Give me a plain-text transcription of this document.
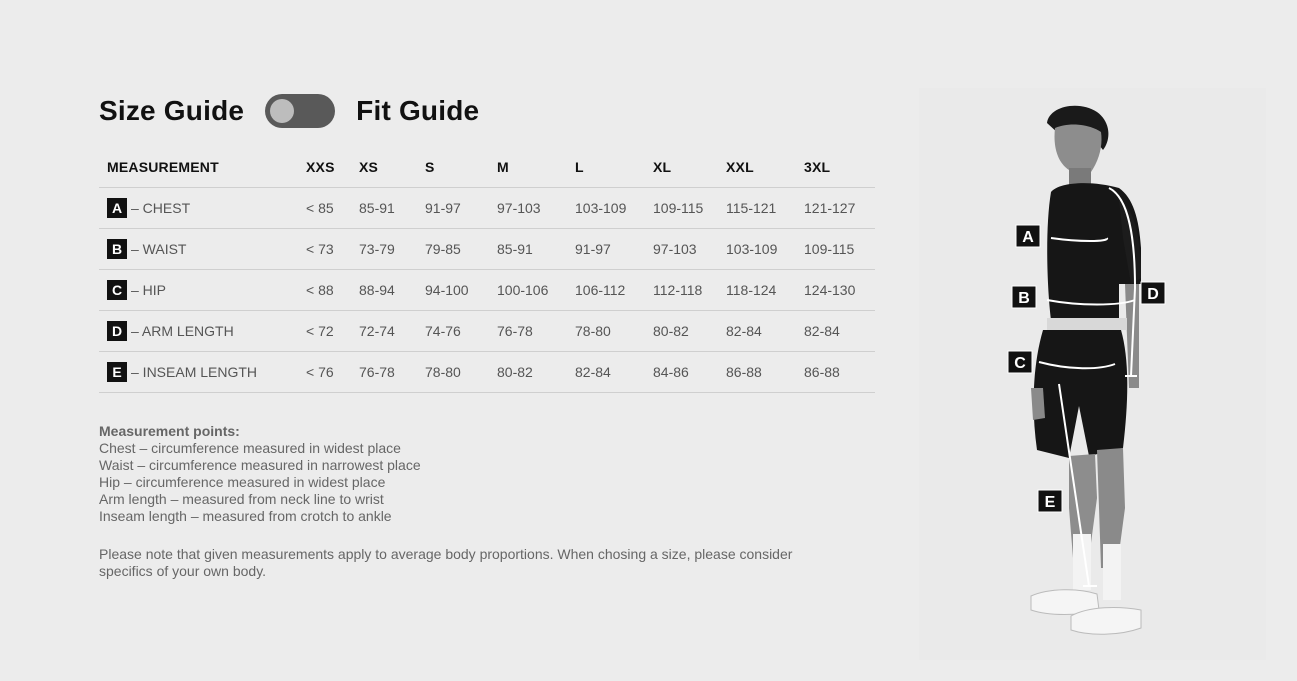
Size Guide	Fit Guide
MEASUREMENT	XXS	XS	S	M	L	XL	XXL	3XL
A – CHEST	< 85	85-91	91-97	97-103	103-109	109-115	115-121	121-127
B – WAIST	< 73	73-79	79-85	85-91	91-97	97-103	103-109	109-115
C – HIP	< 88	88-94	94-100	100-106	106-112	112-118	118-124	124-130
D – ARM LENGTH	< 72	72-74	74-76	76-78	78-80	80-82	82-84	82-84
E – INSEAM LENGTH	< 76	76-78	78-80	80-82	82-84	84-86	86-88	86-88
Measurement points:
Chest – circumference measured in widest place
Waist – circumference measured in narrowest place
Hip – circumference measured in widest place
Arm length – measured from neck line to wrist
Inseam length – measured from crotch to ankle
Please note that given measurements apply to average body proportions. When chosing a size, please consider specifics of your own body.
A
B
C
D
E
